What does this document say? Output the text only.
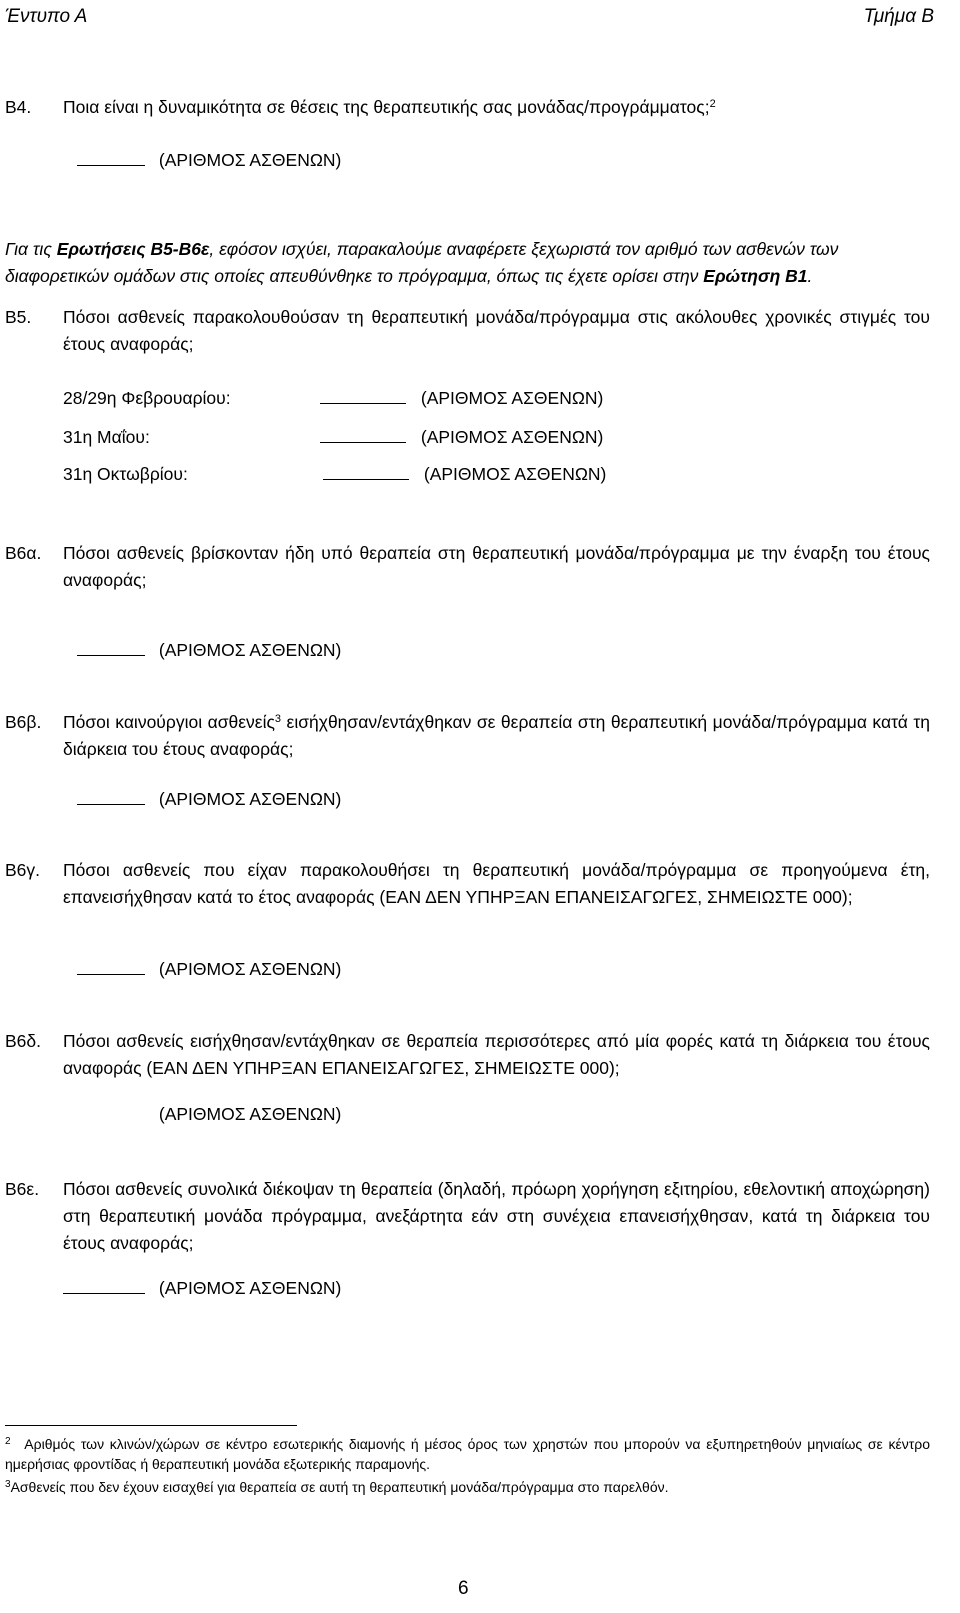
Έντυπο Α	Τμήμα Β
Β4. Ποια είναι η δυναμικότητα σε θέσεις της θεραπευτικής σας μονάδας/προγράμματος;$^2$
(ΑΡΙΘΜΟΣ ΑΣΘΕΝΩΝ)
Για τις Ερωτήσεις Β5-Β6ε, εφόσον ισχύει, παρακαλούμε αναφέρετε ξεχωριστά τον αριθμό των ασθενών των διαφορετικών ομάδων στις οποίες απευθύνθηκε το πρόγραμμα, όπως τις έχετε ορίσει στην Ερώτηση Β1.
Β5. Πόσοι ασθενείς παρακολουθούσαν τη θεραπευτική μονάδα/πρόγραμμα στις ακόλουθες χρονικές στιγμές του έτους αναφοράς;
28/29η Φεβρουαρίου:	(ΑΡΙΘΜΟΣ ΑΣΘΕΝΩΝ)
31η Μαΐου:	(ΑΡΙΘΜΟΣ ΑΣΘΕΝΩΝ)
31η Οκτωβρίου:	(ΑΡΙΘΜΟΣ ΑΣΘΕΝΩΝ)
Β6α. Πόσοι ασθενείς βρίσκονταν ήδη υπό θεραπεία στη θεραπευτική μονάδα/πρόγραμμα με την έναρξη του έτους αναφοράς;
(ΑΡΙΘΜΟΣ ΑΣΘΕΝΩΝ)
Β6β. Πόσοι καινούργιοι ασθενείς$^3$ εισήχθησαν/εντάχθηκαν σε θεραπεία στη θεραπευτική μονάδα/πρόγραμμα κατά τη διάρκεια του έτους αναφοράς;
(ΑΡΙΘΜΟΣ ΑΣΘΕΝΩΝ)
Β6γ. Πόσοι ασθενείς που είχαν παρακολουθήσει τη θεραπευτική μονάδα/πρόγραμμα σε προηγούμενα έτη, επανεισήχθησαν κατά το έτος αναφοράς (ΕΑΝ ΔΕΝ ΥΠΗΡΞΑΝ ΕΠΑΝΕΙΣΑΓΩΓΕΣ, ΣΗΜΕΙΩΣΤΕ 000);
(ΑΡΙΘΜΟΣ ΑΣΘΕΝΩΝ)
Β6δ. Πόσοι ασθενείς εισήχθησαν/εντάχθηκαν σε θεραπεία περισσότερες από μία φορές κατά τη διάρκεια του έτους αναφοράς (ΕΑΝ ΔΕΝ ΥΠΗΡΞΑΝ ΕΠΑΝΕΙΣΑΓΩΓΕΣ, ΣΗΜΕΙΩΣΤΕ 000);
(ΑΡΙΘΜΟΣ ΑΣΘΕΝΩΝ)
Β6ε. Πόσοι ασθενείς συνολικά διέκοψαν τη θεραπεία (δηλαδή, πρόωρη χορήγηση εξιτηρίου, εθελοντική αποχώρηση) στη θεραπευτική μονάδα πρόγραμμα, ανεξάρτητα εάν στη συνέχεια επανεισήχθησαν, κατά τη διάρκεια του έτους αναφοράς;
(ΑΡΙΘΜΟΣ ΑΣΘΕΝΩΝ)
$^2$ Αριθμός των κλινών/χώρων σε κέντρο εσωτερικής διαμονής ή μέσος όρος των χρηστών που μπορούν να εξυπηρετηθούν μηνιαίως σε κέντρο ημερήσιας φροντίδας ή θεραπευτική μονάδα εξωτερικής παραμονής.
$^3$Ασθενείς που δεν έχουν εισαχθεί για θεραπεία σε αυτή τη θεραπευτική μονάδα/πρόγραμμα στο παρελθόν.
6
